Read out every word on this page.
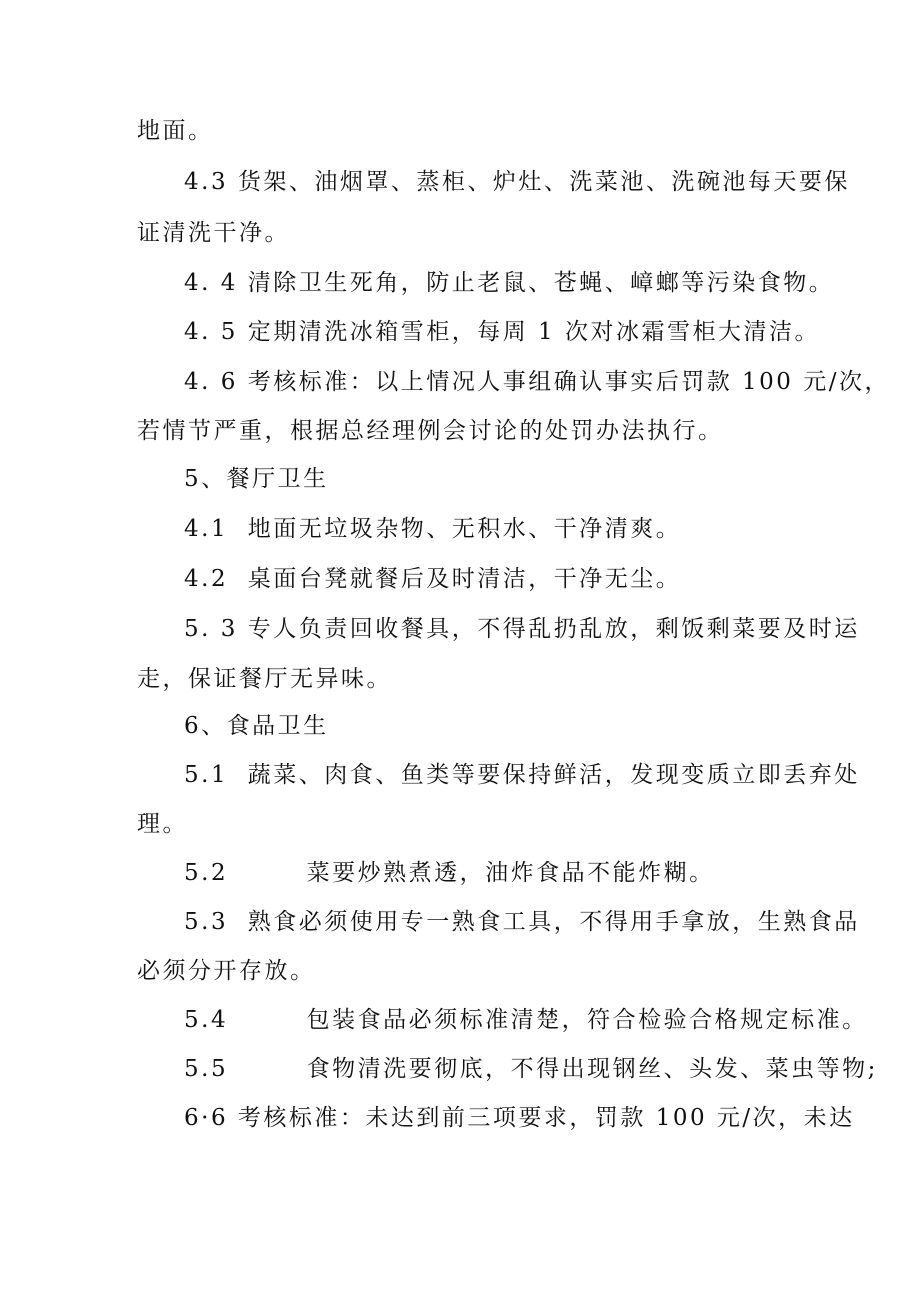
地面。
4.3 货架、油烟罩、蒸柜、炉灶、洗菜池、洗碗池每天要保
证清洗干净。
4. 4 清除卫生死角，防止老鼠、苍蝇、嶂螂等污染食物。
4. 5 定期清洗冰箱雪柜，每周 1 次对冰霜雪柜大清洁。
4. 6 考核标准：以上情况人事组确认事实后罚款 100 元/次，
若情节严重，根据总经理例会讨论的处罚办法执行。
5、餐厅卫生
4.1  地面无垃圾杂物、无积水、干净清爽。
4.2  桌面台凳就餐后及时清洁，干净无尘。
5. 3 专人负责回收餐具，不得乱扔乱放，剩饭剩菜要及时运
走，保证餐厅无异味。
6、食品卫生
5.1  蔬菜、肉食、鱼类等要保持鲜活，发现变质立即丢弃处
理。
5.2        菜要炒熟煮透，油炸食品不能炸糊。
5.3  熟食必须使用专一熟食工具，不得用手拿放，生熟食品
必须分开存放。
5.4        包装食品必须标准清楚，符合检验合格规定标准。
5.5        食物清洗要彻底，不得出现钢丝、头发、菜虫等物;
6·6 考核标准：未达到前三项要求，罚款 100 元/次，未达
